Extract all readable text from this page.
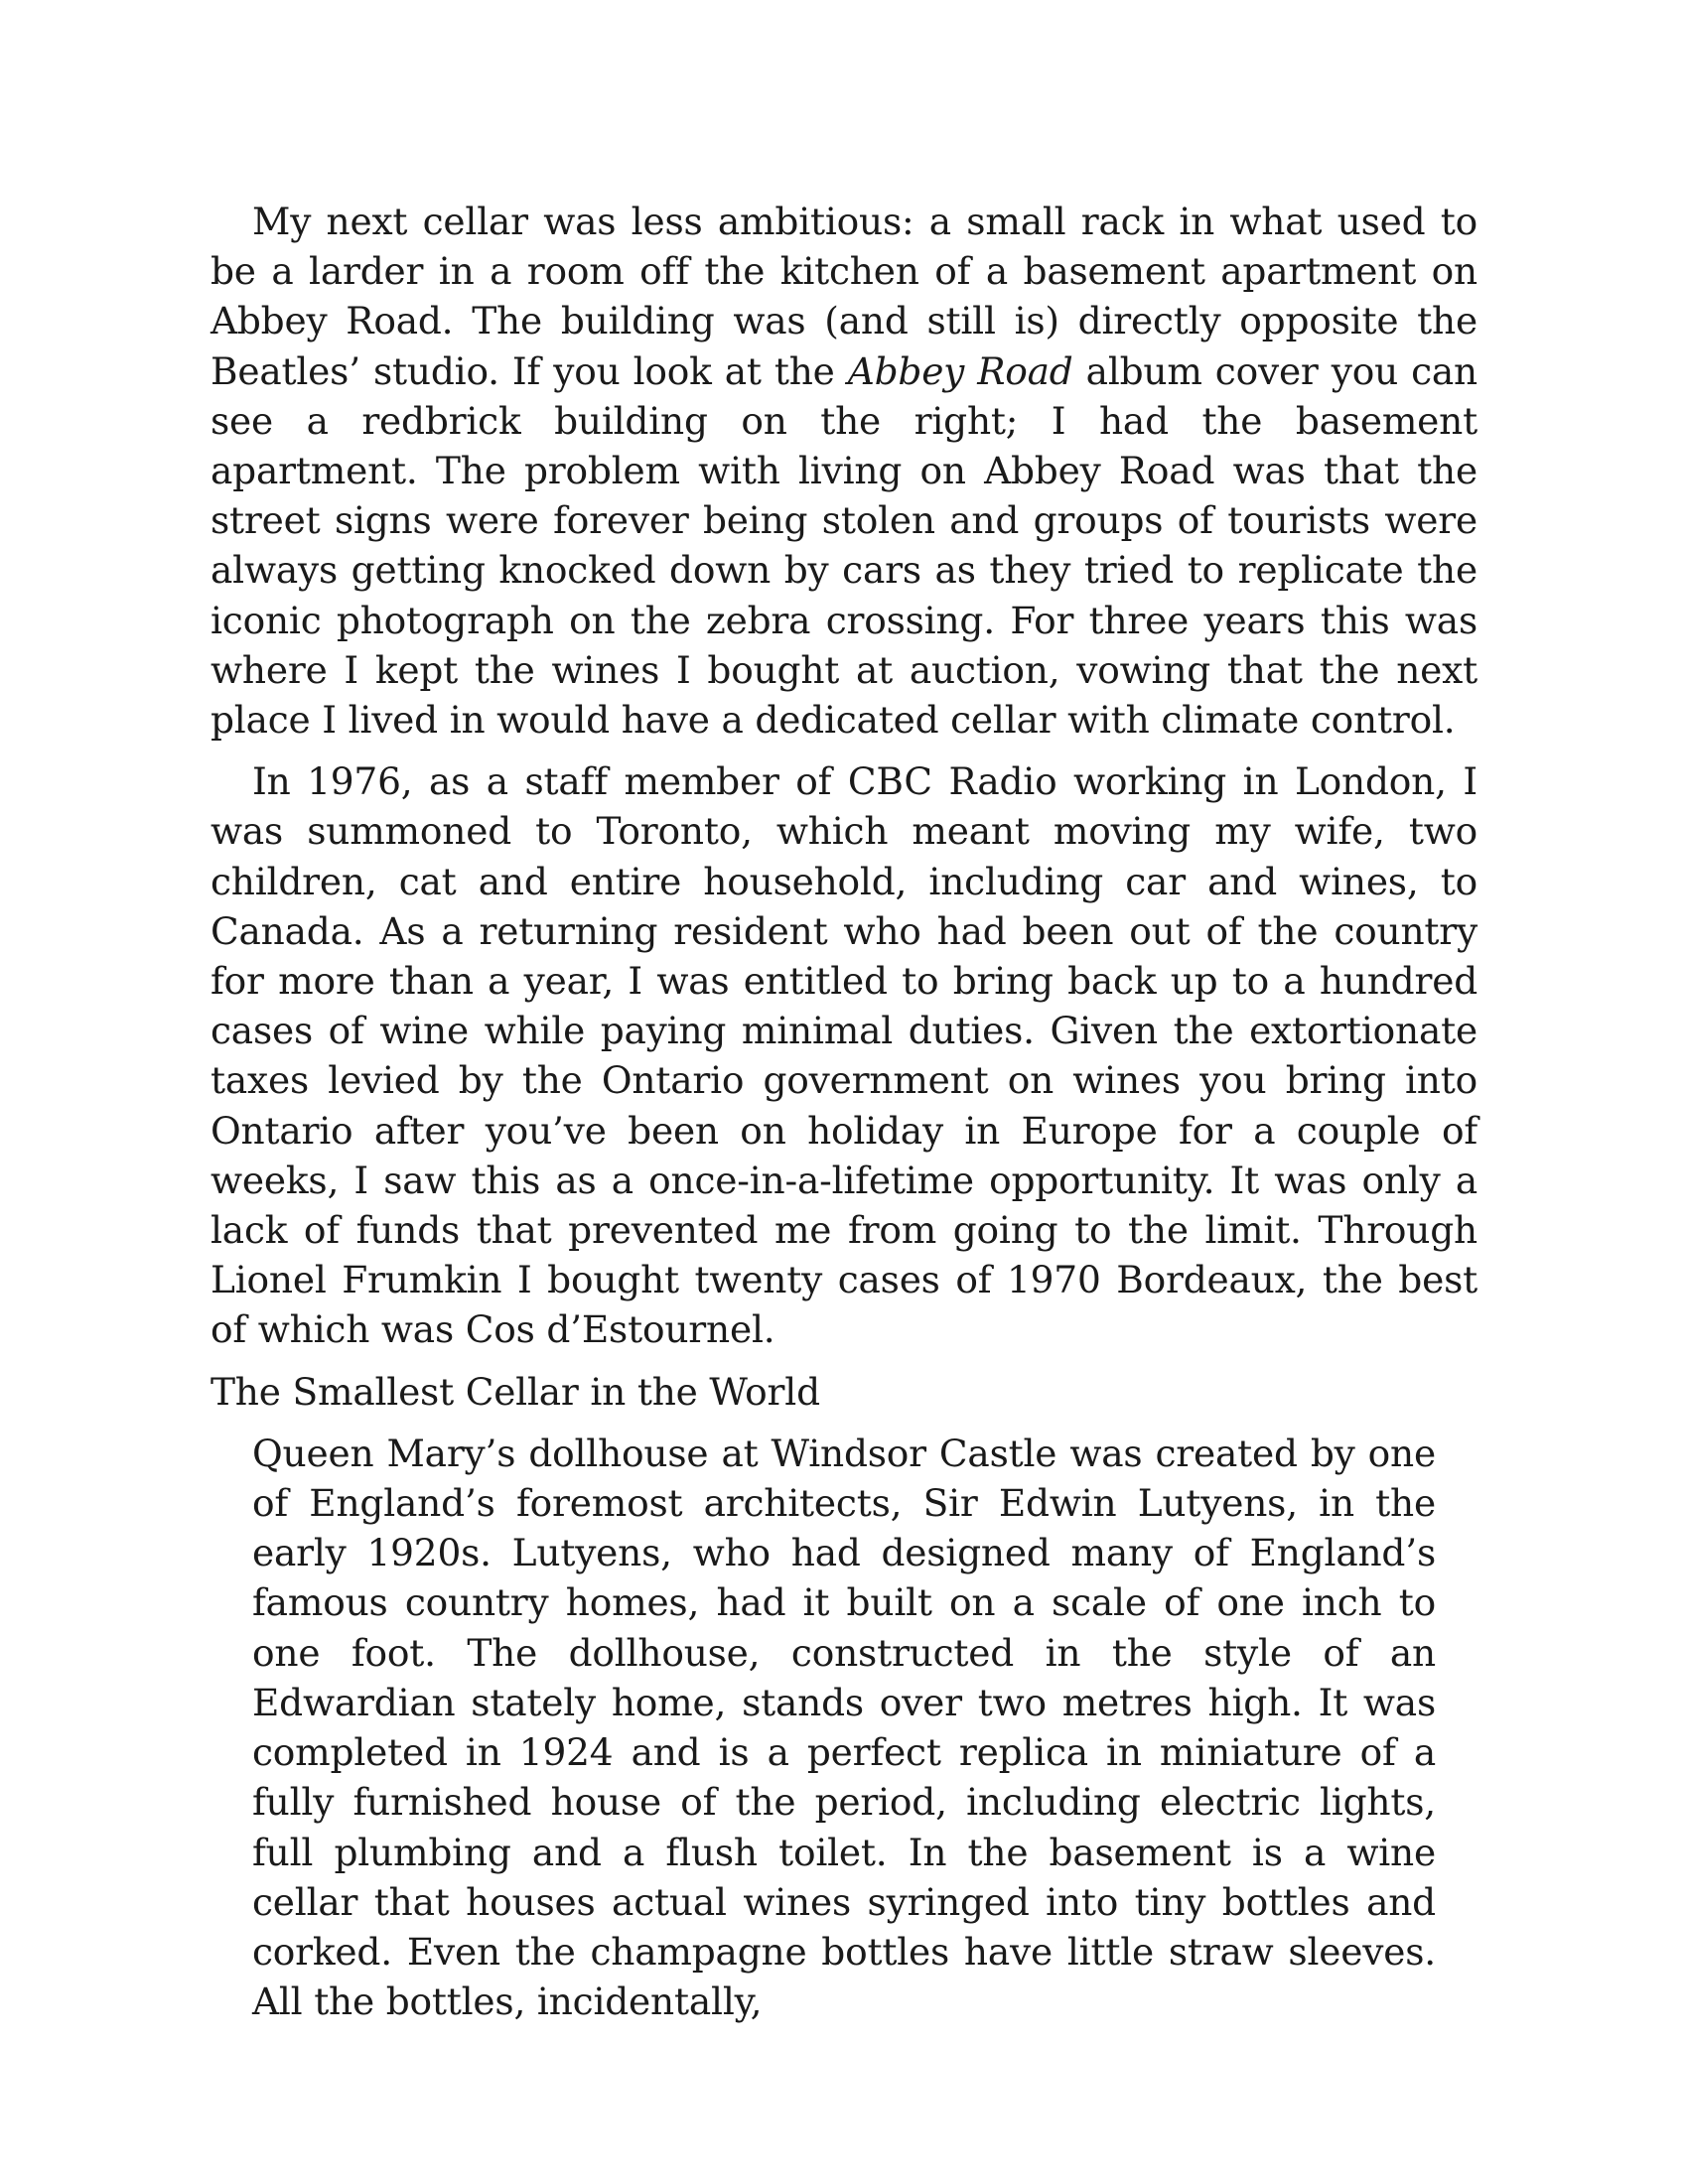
My next cellar was less ambitious: a small rack in what used to be a larder in a room off the kitchen of a basement apartment on Abbey Road. The building was (and still is) directly opposite the Beatles’ studio. If you look at the Abbey Road album cover you can see a redbrick building on the right; I had the basement apartment. The problem with living on Abbey Road was that the street signs were forever being stolen and groups of tourists were always getting knocked down by cars as they tried to replicate the iconic photograph on the zebra crossing. For three years this was where I kept the wines I bought at auction, vowing that the next place I lived in would have a dedicated cellar with climate control.

In 1976, as a staff member of CBC Radio working in London, I was summoned to Toronto, which meant moving my wife, two children, cat and entire household, including car and wines, to Canada. As a returning resident who had been out of the country for more than a year, I was entitled to bring back up to a hundred cases of wine while paying minimal duties. Given the extortionate taxes levied by the Ontario government on wines you bring into Ontario after you’ve been on holiday in Europe for a couple of weeks, I saw this as a once-in-a-lifetime opportunity. It was only a lack of funds that prevented me from going to the limit. Through Lionel Frumkin I bought twenty cases of 1970 Bordeaux, the best of which was Cos d’Estournel.

The Smallest Cellar in the World

Queen Mary’s dollhouse at Windsor Castle was created by one of England’s foremost architects, Sir Edwin Lutyens, in the early 1920s. Lutyens, who had designed many of England’s famous country homes, had it built on a scale of one inch to one foot. The dollhouse, constructed in the style of an Edwardian stately home, stands over two metres high. It was completed in 1924 and is a perfect replica in miniature of a fully furnished house of the period, including electric lights, full plumbing and a flush toilet. In the basement is a wine cellar that houses actual wines syringed into tiny bottles and corked. Even the champagne bottles have little straw sleeves. All the bottles, incidentally,
